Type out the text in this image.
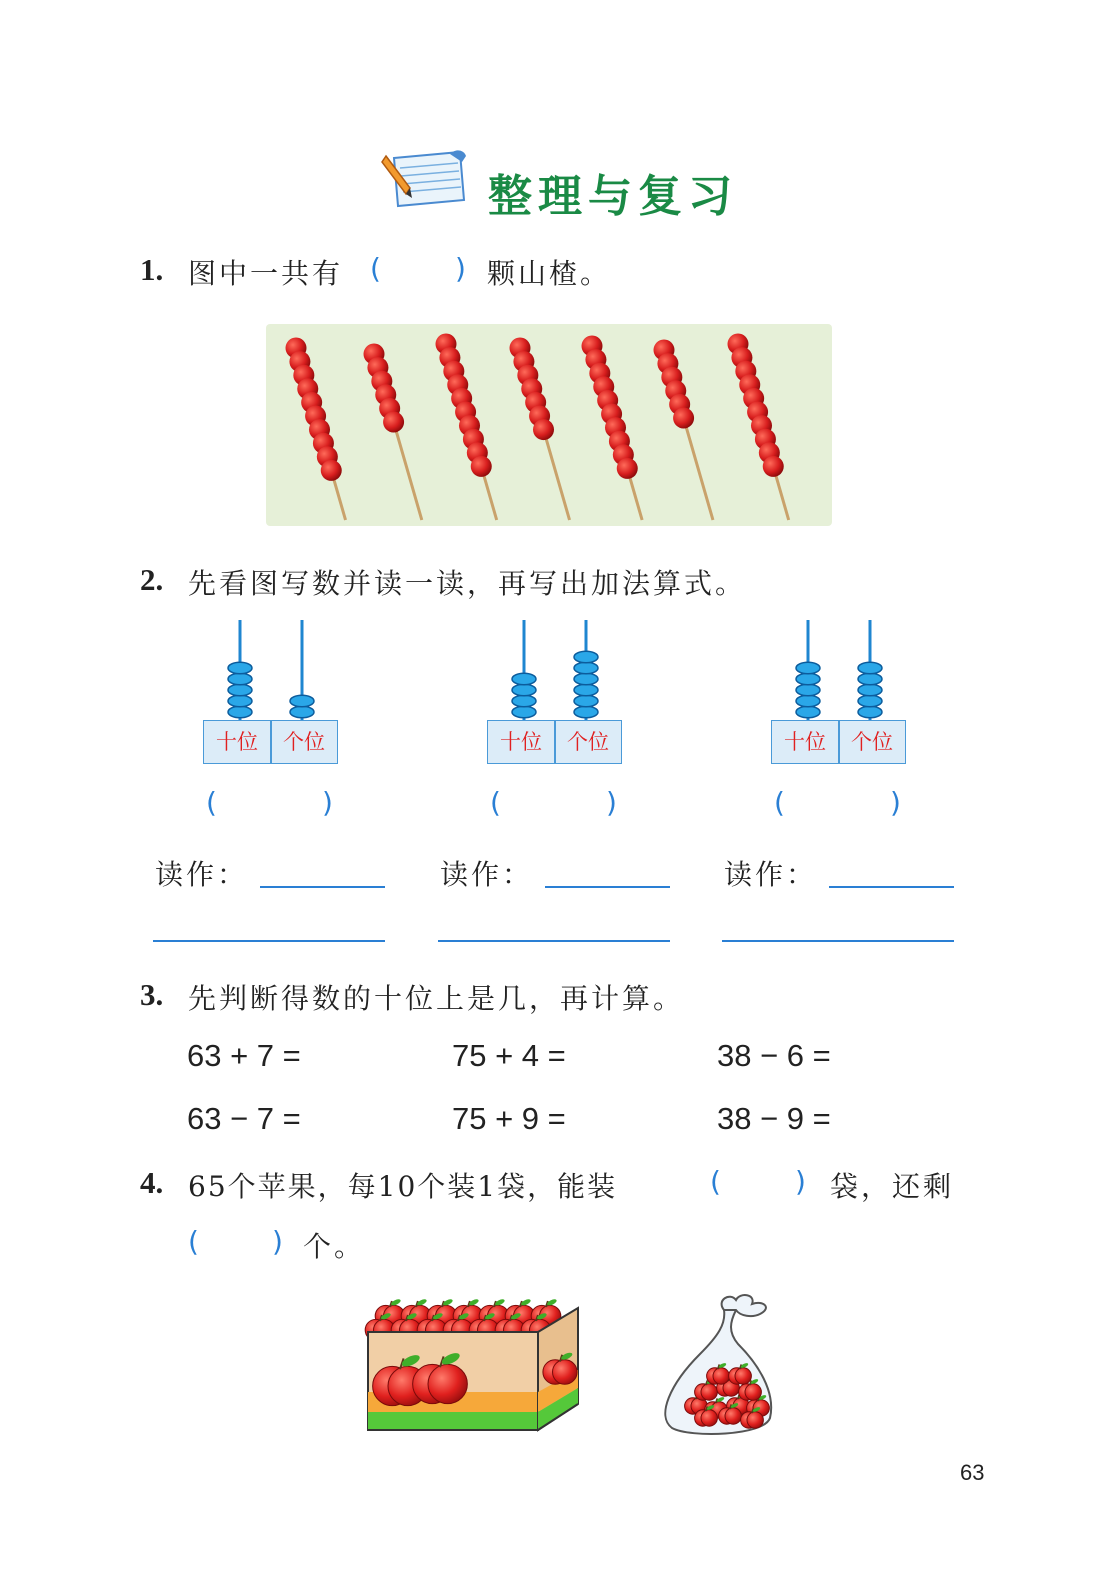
整理与复习
1. 图中一共有 (	) 颗山楂。
2. 先看图写数并读一读，再写出加法算式。
十位	个位	十位	个位	十位	个位
(	)	(	)	(	)
读作：	读作：	读作：
3. 先判断得数的十位上是几，再计算。
63 + 7 =	75 + 4 =	38 − 6 =
63 − 7 =	75 + 9 =	38 − 9 =
4. 65个苹果，每10个装1袋，能装	(	) 袋，还剩
(	) 个。
63
